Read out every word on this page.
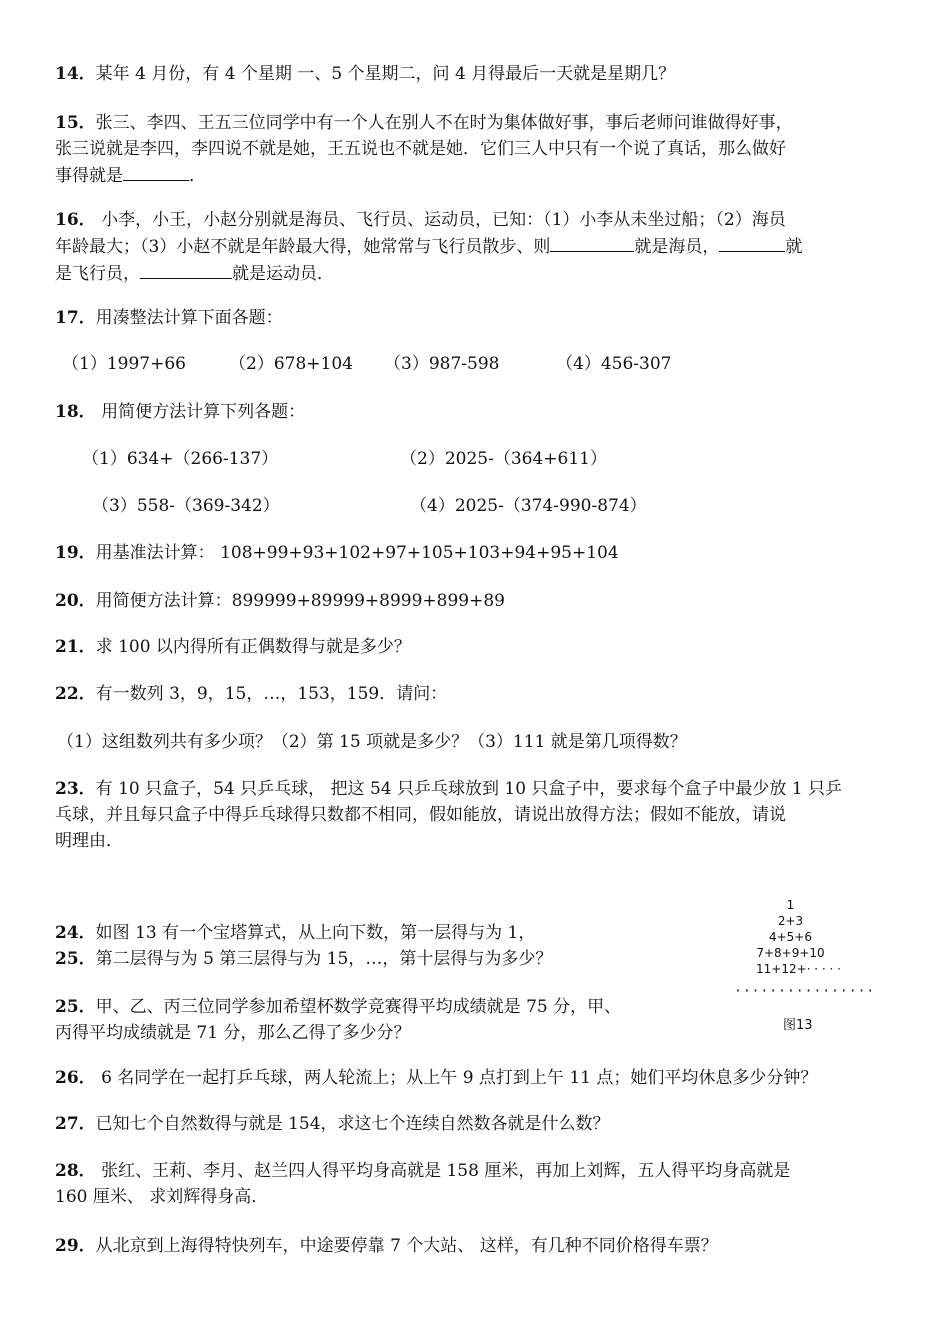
14．某年 4 月份，有 4 个星期 一、5 个星期二，问 4 月得最后一天就是星期几？
15．张三、李四、王五三位同学中有一个人在别人不在时为集体做好事，事后老师问谁做得好事，
张三说就是李四，李四说不就是她，王五说也不就是她．它们三人中只有一个说了真话，那么做好
事得就是	．
16． 小李，小王，小赵分别就是海员、飞行员、运动员，已知：（1）小李从未坐过船；（2）海员
年龄最大；（3）小赵不就是年龄最大得，她常常与飞行员散步、则	就是海员，	就
是飞行员，	就是运动员．
17．用凑整法计算下面各题：
（1）1997+66	（2）678+104 （3）987-598	（4）456-307
18． 用简便方法计算下列各题：
（1）634+（266-137）	（2）2025-（364+611）
（3）558-（369-342）	（4）2025-（374-990-874）
19．用基准法计算： 108+99+93+102+97+105+103+94+95+104
20．用简便方法计算：899999+89999+8999+899+89
21．求 100 以内得所有正偶数得与就是多少？
22．有一数列 3，9，15，…，153，159．请问：
（1）这组数列共有多少项？（2）第 15 项就是多少？（3）111 就是第几项得数？
23．有 10 只盒子，54 只乒乓球， 把这 54 只乒乓球放到 10 只盒子中，要求每个盒子中最少放 1 只乒
乓球，并且每只盒子中得乒乓球得只数都不相同，假如能放，请说出放得方法；假如不能放，请说
明理由．
24．如图 13 有一个宝塔算式，从上向下数，第一层得与为 1，
25．第二层得与为 5 第三层得与为 15，…，第十层得与为多少？
25．甲、乙、丙三位同学参加希望杯数学竞赛得平均成绩就是 75 分，甲、
丙得平均成绩就是 71 分，那么乙得了多少分？
1
2+3
4+5+6
7+8+9+10
11+12+· · · · ·
················
图13
26． 6 名同学在一起打乒乓球，两人轮流上；从上午 9 点打到上午 11 点；她们平均休息多少分钟？
27．已知七个自然数得与就是 154，求这七个连续自然数各就是什么数？
28． 张红、王莉、李月、赵兰四人得平均身高就是 158 厘米，再加上刘辉，五人得平均身高就是
160 厘米、 求刘辉得身高．
29．从北京到上海得特快列车，中途要停靠 7 个大站、 这样，有几种不同价格得车票？
